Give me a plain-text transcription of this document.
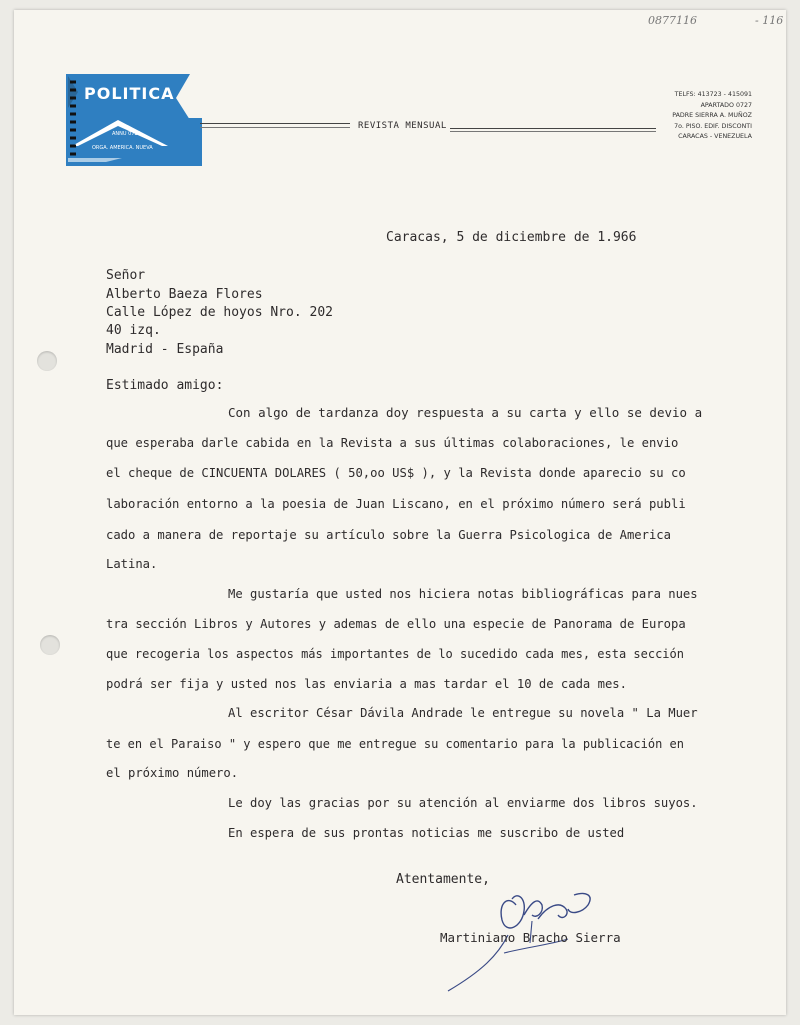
0877116	- 116
POLITICA
ANNU 0721
ORGA. AMERICA. NUEVA
REVISTA MENSUAL
TELFS: 413723 - 415091
APARTADO 0727
PADRE SIERRA A. MUÑOZ
7o. PISO. EDIF. DISCONTI
CARACAS - VENEZUELA
Caracas, 5 de diciembre de 1.966
Señor
Alberto Baeza Flores
Calle López de hoyos Nro. 202
40 izq.
Madrid - España
Estimado amigo:
Con algo de tardanza doy respuesta a su carta y ello se devio a
que esperaba darle cabida en la Revista a sus últimas colaboraciones, le envio
el cheque de CINCUENTA DOLARES ( 50,oo US$ ), y la Revista donde aparecio su co
laboración entorno a la poesia de Juan Liscano, en el próximo número será publi
cado a manera de reportaje su artículo sobre la Guerra Psicologica de America
Latina.
Me gustaría que usted nos hiciera notas bibliográficas para nues
tra sección Libros y Autores y ademas de ello una especie de Panorama de Europa
que recogeria los aspectos más importantes de lo sucedido cada mes, esta sección
podrá ser fija y usted nos las enviaria a mas tardar el 10 de cada mes.
Al escritor César Dávila Andrade le entregue su novela " La Muer
te en el Paraiso " y espero que me entregue su comentario para la publicación en
el próximo número.
Le doy las gracias por su atención al enviarme dos libros suyos.
En espera de sus prontas noticias me suscribo de usted
Atentamente,
Martiniano Bracho Sierra
